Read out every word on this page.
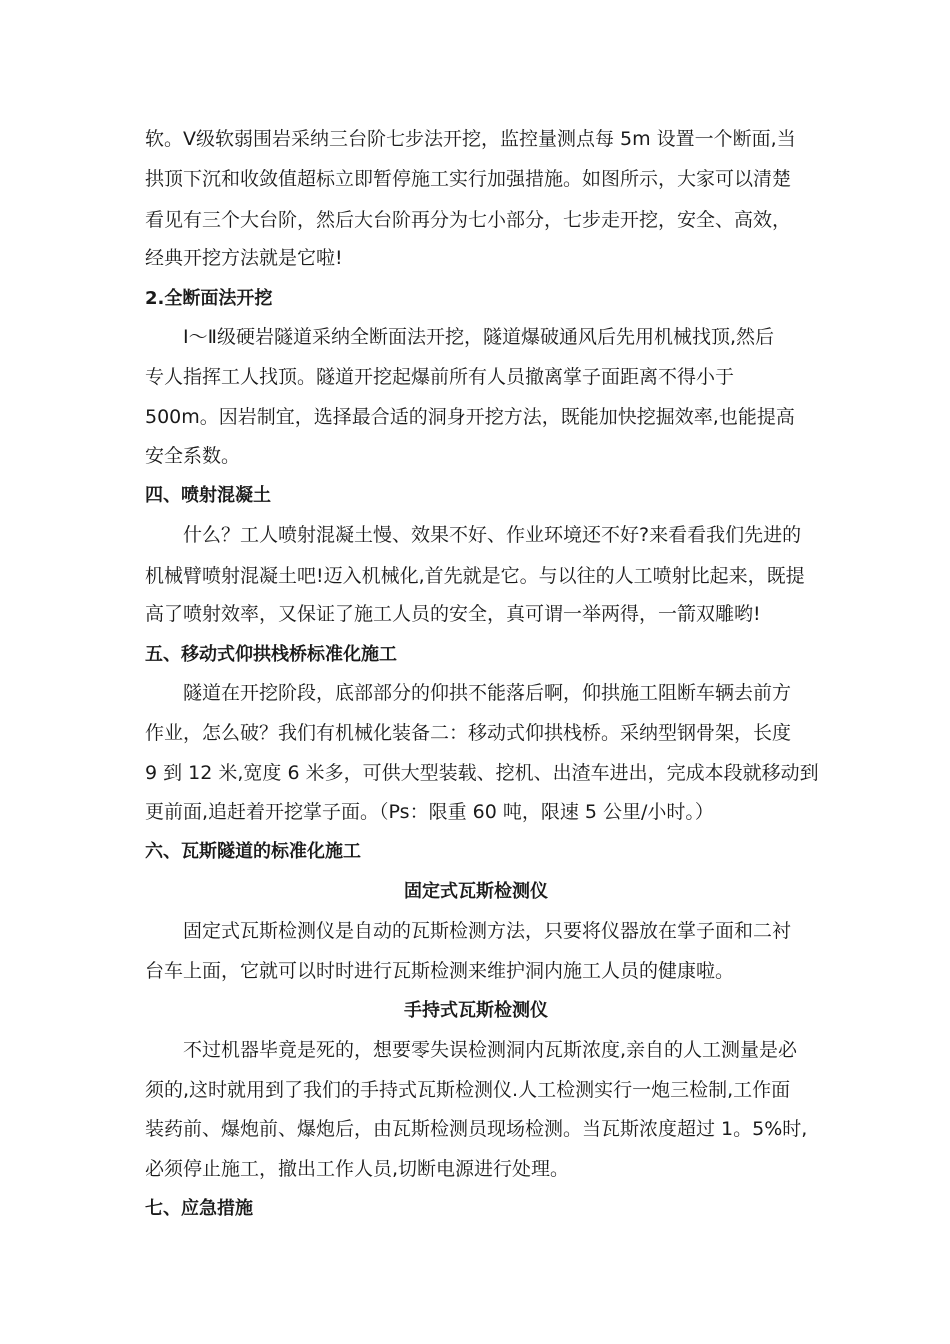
软。Ⅴ级软弱围岩采纳三台阶七步法开挖，监控量测点每 5m 设置一个断面,当
拱顶下沉和收敛值超标立即暂停施工实行加强措施。如图所示，大家可以清楚
看见有三个大台阶，然后大台阶再分为七小部分，七步走开挖，安全、高效，
经典开挖方法就是它啦!
2.全断面法开挖
Ⅰ～Ⅱ级硬岩隧道采纳全断面法开挖，隧道爆破通风后先用机械找顶,然后
专人指挥工人找顶。隧道开挖起爆前所有人员撤离掌子面距离不得小于
500m。因岩制宜，选择最合适的洞身开挖方法，既能加快挖掘效率,也能提高
安全系数。
四、喷射混凝土
什么？工人喷射混凝土慢、效果不好、作业环境还不好?来看看我们先进的
机械臂喷射混凝土吧!迈入机械化,首先就是它。与以往的人工喷射比起来，既提
高了喷射效率，又保证了施工人员的安全，真可谓一举两得，一箭双雕哟!
五、移动式仰拱栈桥标准化施工
隧道在开挖阶段，底部部分的仰拱不能落后啊，仰拱施工阻断车辆去前方
作业，怎么破？我们有机械化装备二：移动式仰拱栈桥。采纳型钢骨架，长度
9 到 12 米,宽度 6 米多，可供大型装载、挖机、出渣车进出，完成本段就移动到
更前面,追赶着开挖掌子面。（Ps：限重 60 吨，限速 5 公里/小时。）
六、瓦斯隧道的标准化施工
固定式瓦斯检测仪
固定式瓦斯检测仪是自动的瓦斯检测方法，只要将仪器放在掌子面和二衬
台车上面，它就可以时时进行瓦斯检测来维护洞内施工人员的健康啦。
手持式瓦斯检测仪
不过机器毕竟是死的，想要零失误检测洞内瓦斯浓度,亲自的人工测量是必
须的,这时就用到了我们的手持式瓦斯检测仪.人工检测实行一炮三检制,工作面
装药前、爆炮前、爆炮后，由瓦斯检测员现场检测。当瓦斯浓度超过 1。5%时,
必须停止施工，撤出工作人员,切断电源进行处理。
七、应急措施
